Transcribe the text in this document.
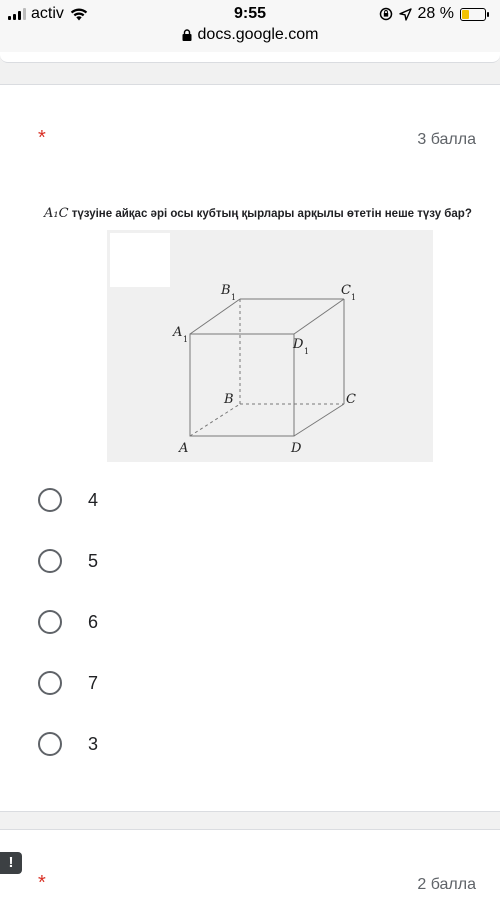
activ	9:55	28 %
docs.google.com
*	3 балла
A₁C түзуіне айқас әрі осы кубтың қырлары арқылы өтетін неше түзу бар?
A	D
B	C
A 1
B 1	C 1
D 1
4
5
6
7
3
*	2 балла
!
